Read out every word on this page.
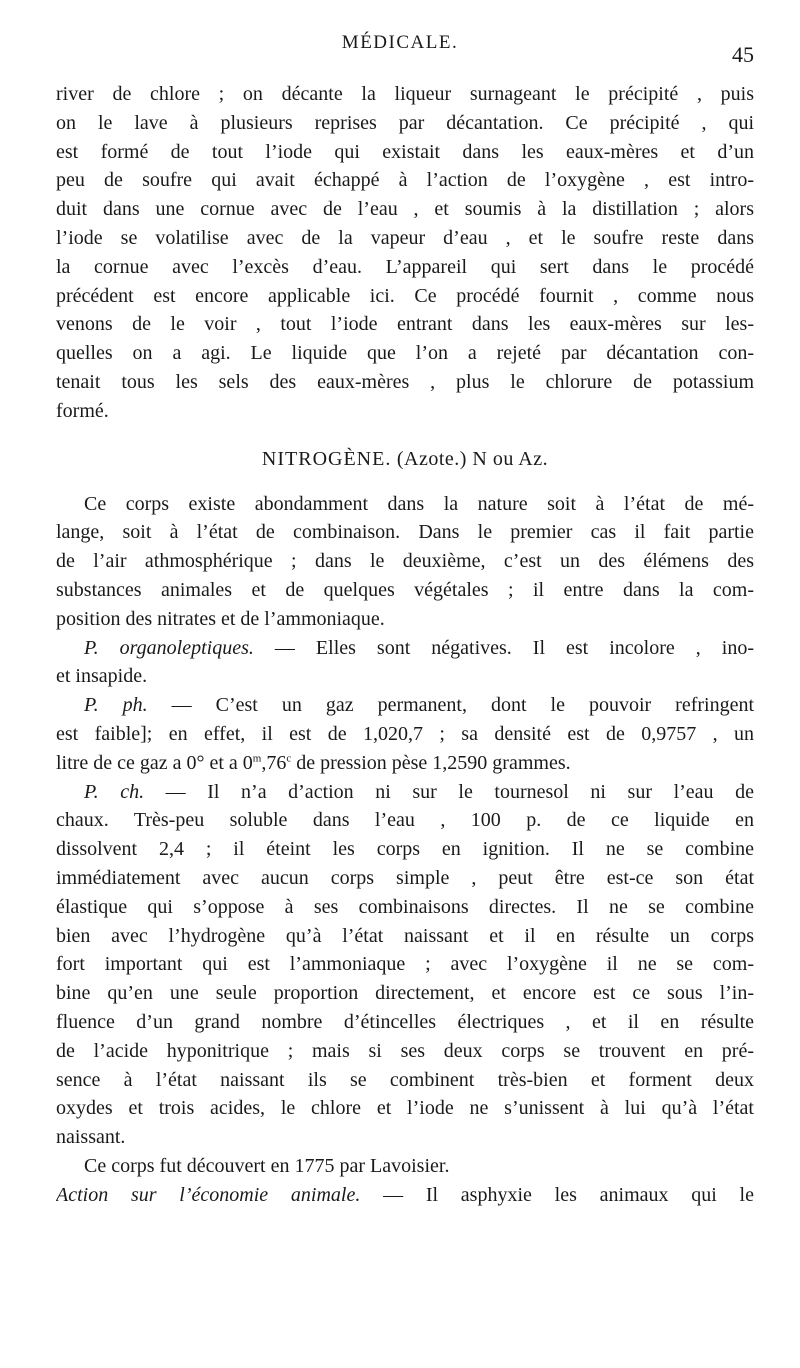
MÉDICALE.	45
river de chlore ; on décante la liqueur surnageant le précipité , puis
on le lave à plusieurs reprises par décantation. Ce précipité , qui
est formé de tout l’iode qui existait dans les eaux-mères et d’un
peu de soufre qui avait échappé à l’action de l’oxygène , est intro-
duit dans une cornue avec de l’eau , et soumis à la distillation ; alors
l’iode se volatilise avec de la vapeur d’eau , et le soufre reste dans
la cornue avec l’excès d’eau. L’appareil qui sert dans le procédé
précédent est encore applicable ici. Ce procédé fournit , comme nous
venons de le voir , tout l’iode entrant dans les eaux-mères sur les-
quelles on a agi. Le liquide que l’on a rejeté par décantation con-
tenait tous les sels des eaux-mères , plus le chlorure de potassium
formé.
NITROGÈNE. (Azote.) N ou Az.
Ce corps existe abondamment dans la nature soit à l’état de mé-
lange, soit à l’état de combinaison. Dans le premier cas il fait partie
de l’air athmosphérique ; dans le deuxième, c’est un des élémens des
substances animales et de quelques végétales ; il entre dans la com-
position des nitrates et de l’ammoniaque.
P. organoleptiques. — Elles sont négatives. Il est incolore , ino-
et insapide.
P. ph. — C’est un gaz permanent, dont le pouvoir refringent
est faible]; en effet, il est de 1,020,7 ; sa densité est de 0,9757 , un
litre de ce gaz a 0° et a 0$^m$,76$^c$ de pression pèse 1,2590 grammes.
P. ch. — Il n’a d’action ni sur le tournesol ni sur l’eau de
chaux. Très-peu soluble dans l’eau , 100 p. de ce liquide en
dissolvent 2,4 ; il éteint les corps en ignition. Il ne se combine
immédiatement avec aucun corps simple , peut être est-ce son état
élastique qui s’oppose à ses combinaisons directes. Il ne se combine
bien avec l’hydrogène qu’à l’état naissant et il en résulte un corps
fort important qui est l’ammoniaque ; avec l’oxygène il ne se com-
bine qu’en une seule proportion directement, et encore est ce sous l’in-
fluence d’un grand nombre d’étincelles électriques , et il en résulte
de l’acide hyponitrique ; mais si ses deux corps se trouvent en pré-
sence à l’état naissant ils se combinent très-bien et forment deux
oxydes et trois acides, le chlore et l’iode ne s’unissent à lui qu’à l’état
naissant.
Ce corps fut découvert en 1775 par Lavoisier.
Action sur l’économie animale. — Il asphyxie les animaux qui le
